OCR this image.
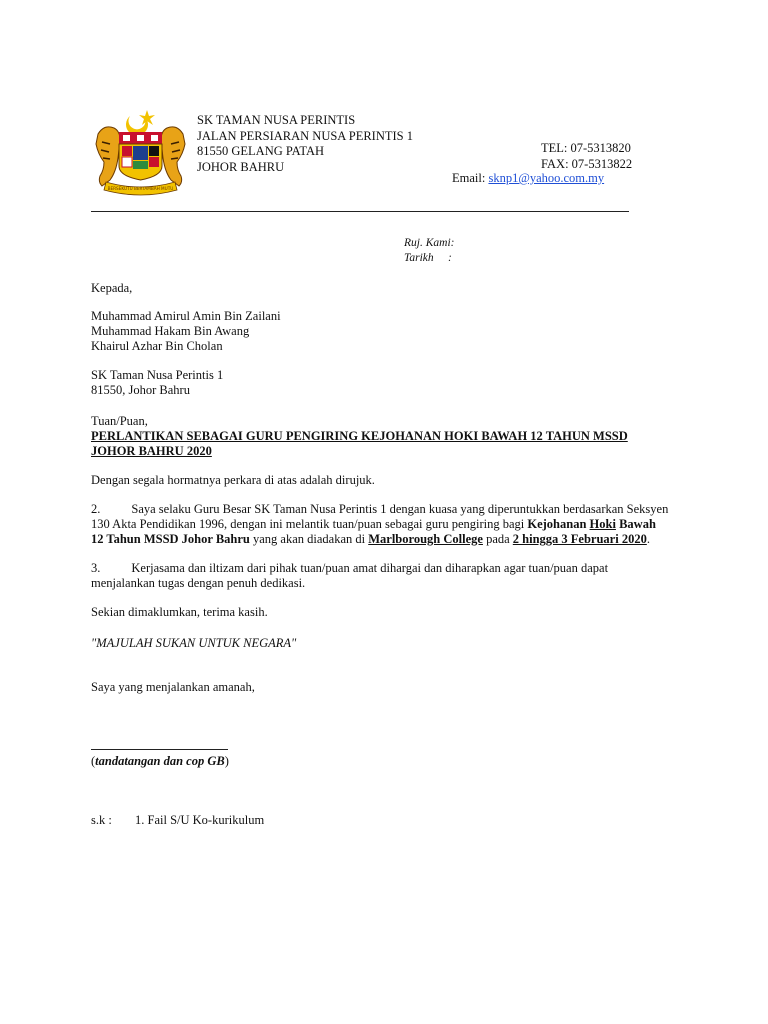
BERSEKUTU BERTAMBAH MUTU
SK TAMAN NUSA PERINTIS
JALAN PERSIARAN NUSA PERINTIS 1
81550 GELANG PATAH
JOHOR BAHRU
TEL: 07-5313820
FAX: 07-5313822
Email: sknp1@yahoo.com.my
Ruj. Kami:
Tarikh	:
Kepada,
Muhammad Amirul Amin Bin Zailani
Muhammad Hakam Bin Awang
Khairul Azhar Bin Cholan
SK Taman Nusa Perintis 1
81550, Johor Bahru
Tuan/Puan,
PERLANTIKAN SEBAGAI GURU PENGIRING KEJOHANAN HOKI BAWAH 12 TAHUN MSSD JOHOR BAHRU 2020

Dengan segala hormatnya perkara di atas adalah dirujuk.

2. Saya selaku Guru Besar SK Taman Nusa Perintis 1 dengan kuasa yang diperuntukkan berdasarkan Seksyen 130 Akta Pendidikan 1996, dengan ini melantik tuan/puan sebagai guru pengiring bagi Kejohanan Hoki Bawah 12 Tahun MSSD Johor Bahru yang akan diadakan di Marlborough College pada 2 hingga 3 Februari 2020.

3. Kerjasama dan iltizam dari pihak tuan/puan amat dihargai dan diharapkan agar tuan/puan dapat menjalankan tugas dengan penuh dedikasi.

Sekian dimaklumkan, terima kasih.

"MAJULAH SUKAN UNTUK NEGARA"

Saya yang menjalankan amanah,

(tandatangan dan cop GB)

s.k : 1. Fail S/U Ko-kurikulum
